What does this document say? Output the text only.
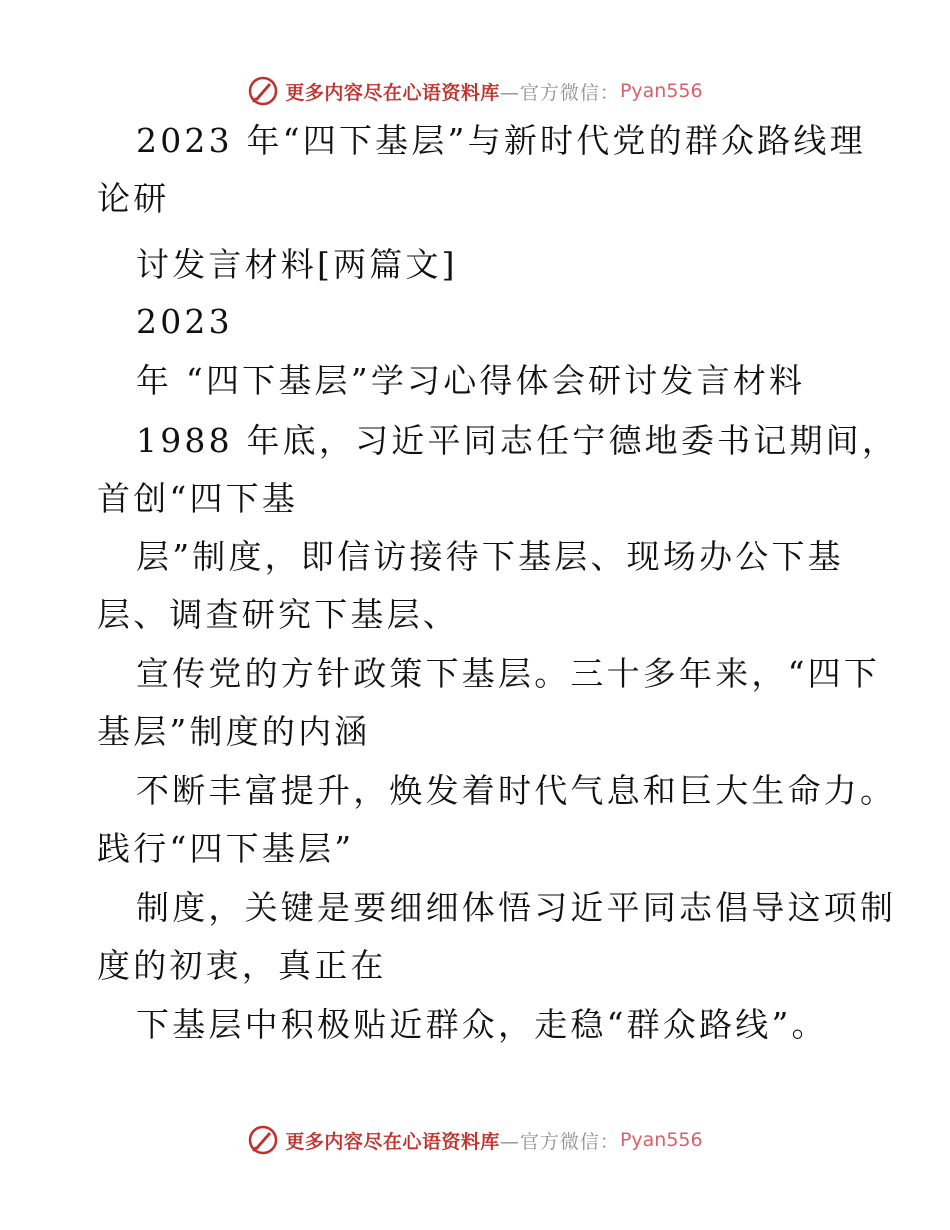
更多内容尽在心语资料库 —官方微信： Pyan556
2023 年“四下基层”与新时代党的群众路线理
论研
讨发言材料[两篇文]
2023
年 “四下基层”学习心得体会研讨发言材料
1988 年底，习近平同志任宁德地委书记期间，
首创“四下基
层”制度，即信访接待下基层、现场办公下基
层、调查研究下基层、
宣传党的方针政策下基层。三十多年来，“四下
基层”制度的内涵
不断丰富提升，焕发着时代气息和巨大生命力。
践行“四下基层”
制度，关键是要细细体悟习近平同志倡导这项制
度的初衷，真正在
下基层中积极贴近群众，走稳“群众路线”。
更多内容尽在心语资料库 —官方微信： Pyan556
